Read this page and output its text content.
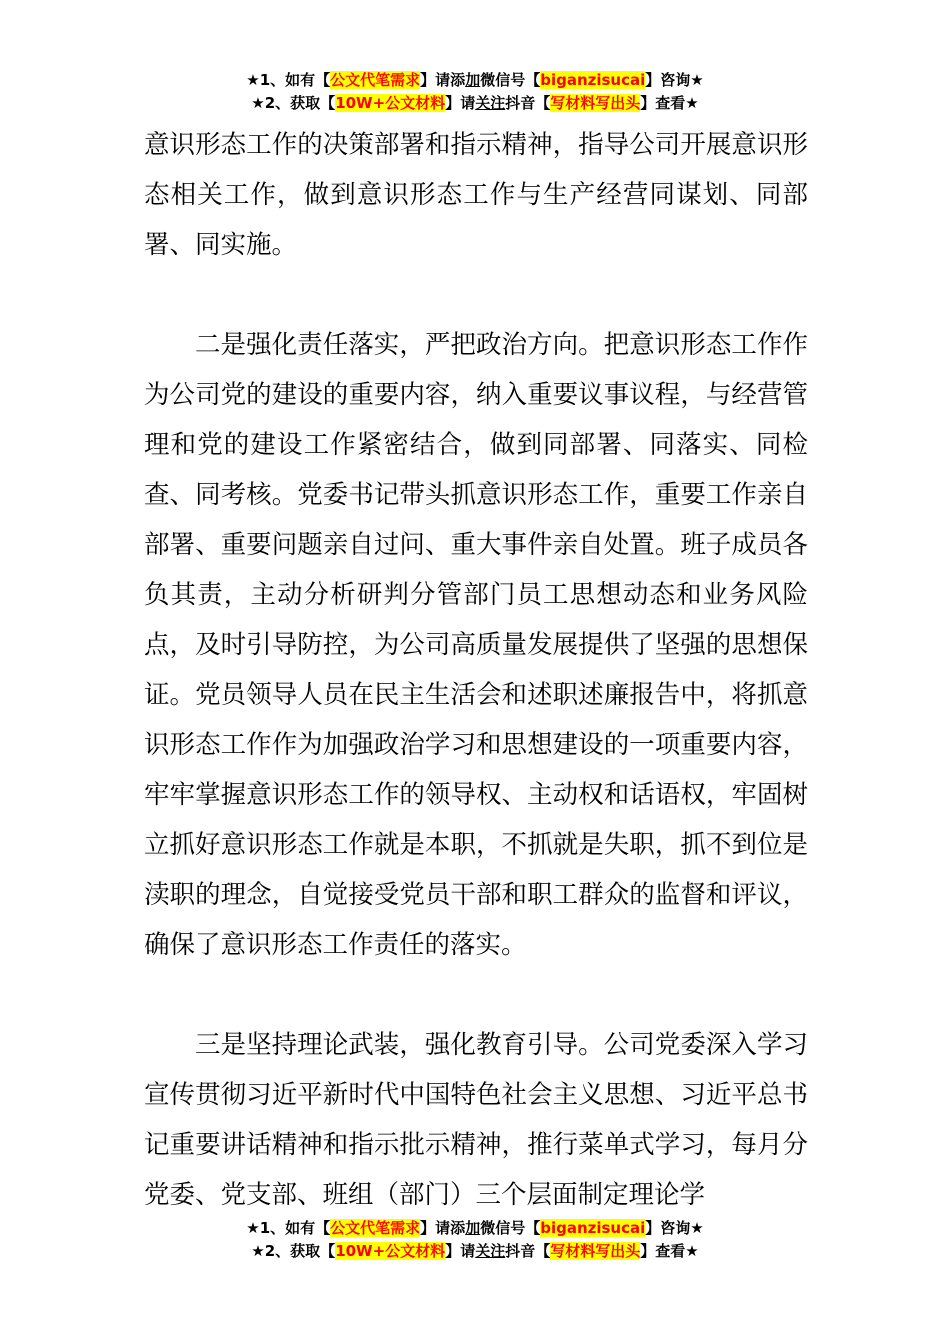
★1、如有【公文代笔需求】请添加微信号【biganzisucai】咨询★
★2、获取【10W+公文材料】请关注抖音【写材料写出头】查看★

意识形态工作的决策部署和指示精神，指导公司开展意识形态相关工作，做到意识形态工作与生产经营同谋划、同部署、同实施。

二是强化责任落实，严把政治方向。把意识形态工作作为公司党的建设的重要内容，纳入重要议事议程，与经营管理和党的建设工作紧密结合，做到同部署、同落实、同检查、同考核。党委书记带头抓意识形态工作，重要工作亲自部署、重要问题亲自过问、重大事件亲自处置。班子成员各负其责，主动分析研判分管部门员工思想动态和业务风险点，及时引导防控，为公司高质量发展提供了坚强的思想保证。党员领导人员在民主生活会和述职述廉报告中，将抓意识形态工作作为加强政治学习和思想建设的一项重要内容，牢牢掌握意识形态工作的领导权、主动权和话语权，牢固树立抓好意识形态工作就是本职，不抓就是失职，抓不到位是渎职的理念，自觉接受党员干部和职工群众的监督和评议，确保了意识形态工作责任的落实。

三是坚持理论武装，强化教育引导。公司党委深入学习宣传贯彻习近平新时代中国特色社会主义思想、习近平总书记重要讲话精神和指示批示精神，推行菜单式学习，每月分党委、党支部、班组（部门）三个层面制定理论学

★1、如有【公文代笔需求】请添加微信号【biganzisucai】咨询★
★2、获取【10W+公文材料】请关注抖音【写材料写出头】查看★
